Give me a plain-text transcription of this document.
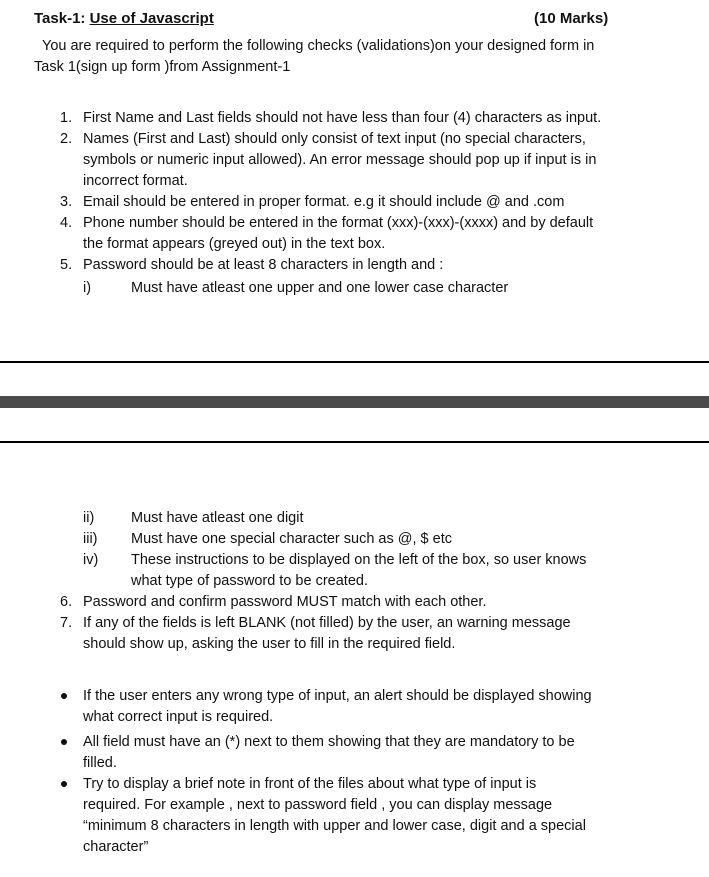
Task-1: Use of Javascript	(10 Marks)
You are required to perform the following checks (validations)on your designed form in
Task 1(sign up form )from Assignment-1
1. First Name and Last fields should not have less than four (4) characters as input.
2. Names (First and Last) should only consist of text input (no special characters,
symbols or numeric input allowed). An error message should pop up if input is in
incorrect format.
3. Email should be entered in proper format. e.g it should include @ and .com
4. Phone number should be entered in the format (xxx)-(xxx)-(xxxx) and by default
the format appears (greyed out) in the text box.
5. Password should be at least 8 characters in length and :
i)	Must have atleast one upper and one lower case character
ii)	Must have atleast one digit
iii) Must have one special character such as @, $ etc
iv) These instructions to be displayed on the left of the box, so user knows
what type of password to be created.
6. Password and confirm password MUST match with each other.
7. If any of the fields is left BLANK (not filled) by the user, an warning message
should show up, asking the user to fill in the required field.
If the user enters any wrong type of input, an alert should be displayed showing
what correct input is required.
All field must have an (*) next to them showing that they are mandatory to be
filled.
Try to display a brief note in front of the files about what type of input is
required. For example , next to password field , you can display message
“minimum 8 characters in length with upper and lower case, digit and a special
character”
